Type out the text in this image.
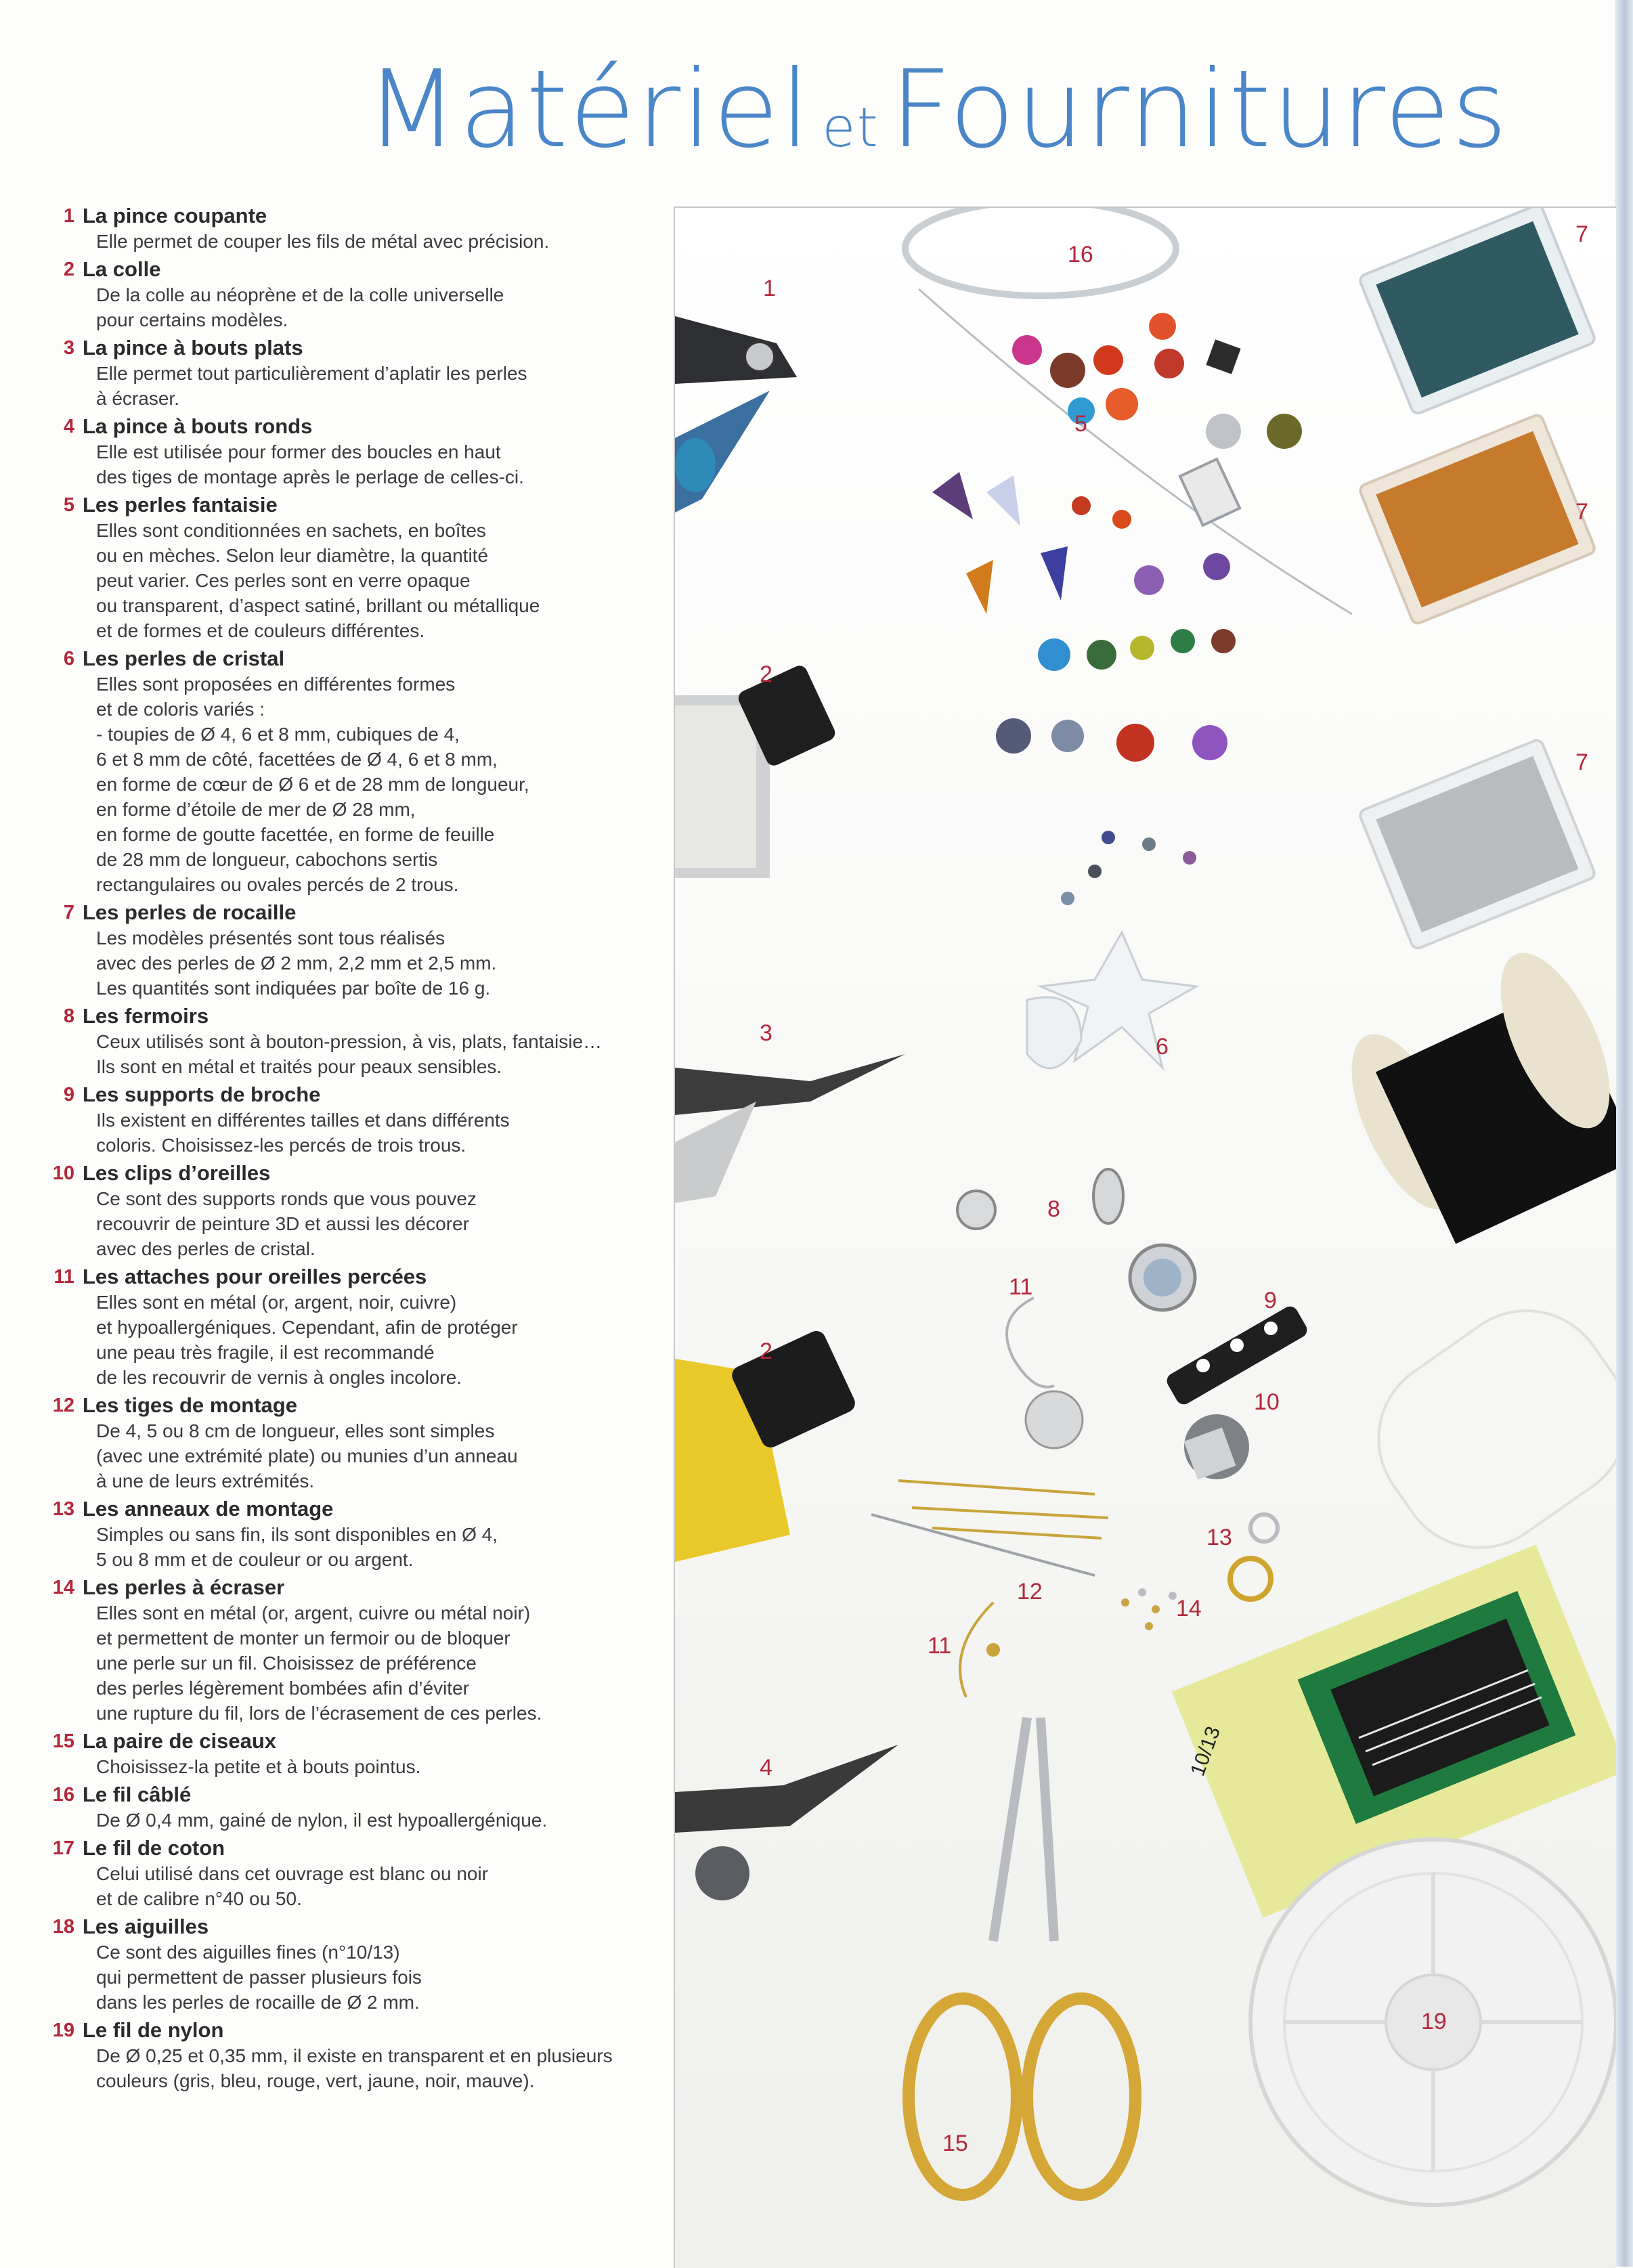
Matériel et Fournitures
1 La pince coupante
Elle permet de couper les fils de métal avec précision.
2 La colle
De la colle au néoprène et de la colle universelle
pour certains modèles.
3 La pince à bouts plats
Elle permet tout particulièrement d’aplatir les perles
à écraser.
4 La pince à bouts ronds
Elle est utilisée pour former des boucles en haut
des tiges de montage après le perlage de celles-ci.
5 Les perles fantaisie
Elles sont conditionnées en sachets, en boîtes
ou en mèches. Selon leur diamètre, la quantité
peut varier. Ces perles sont en verre opaque
ou transparent, d’aspect satiné, brillant ou métallique
et de formes et de couleurs différentes.
6 Les perles de cristal
Elles sont proposées en différentes formes
et de coloris variés :
- toupies de Ø 4, 6 et 8 mm, cubiques de 4,
6 et 8 mm de côté, facettées de Ø 4, 6 et 8 mm,
en forme de cœur de Ø 6 et de 28 mm de longueur,
en forme d’étoile de mer de Ø 28 mm,
en forme de goutte facettée, en forme de feuille
de 28 mm de longueur, cabochons sertis
rectangulaires ou ovales percés de 2 trous.
7 Les perles de rocaille
Les modèles présentés sont tous réalisés
avec des perles de Ø 2 mm, 2,2 mm et 2,5 mm.
Les quantités sont indiquées par boîte de 16 g.
8 Les fermoirs
Ceux utilisés sont à bouton-pression, à vis, plats, fantaisie…
Ils sont en métal et traités pour peaux sensibles.
9 Les supports de broche
Ils existent en différentes tailles et dans différents
coloris. Choisissez-les percés de trois trous.
10 Les clips d’oreilles
Ce sont des supports ronds que vous pouvez
recouvrir de peinture 3D et aussi les décorer
avec des perles de cristal.
11 Les attaches pour oreilles percées
Elles sont en métal (or, argent, noir, cuivre)
et hypoallergéniques. Cependant, afin de protéger
une peau très fragile, il est recommandé
de les recouvrir de vernis à ongles incolore.
12 Les tiges de montage
De 4, 5 ou 8 cm de longueur, elles sont simples
(avec une extrémité plate) ou munies d’un anneau
à une de leurs extrémités.
13 Les anneaux de montage
Simples ou sans fin, ils sont disponibles en Ø 4,
5 ou 8 mm et de couleur or ou argent.
14 Les perles à écraser
Elles sont en métal (or, argent, cuivre ou métal noir)
et permettent de monter un fermoir ou de bloquer
une perle sur un fil. Choisissez de préférence
des perles légèrement bombées afin d’éviter
une rupture du fil, lors de l’écrasement de ces perles.
15 La paire de ciseaux
Choisissez-la petite et à bouts pointus.
16 Le fil câblé
De Ø 0,4 mm, gainé de nylon, il est hypoallergénique.
17 Le fil de coton
Celui utilisé dans cet ouvrage est blanc ou noir
et de calibre n°40 ou 50.
18 Les aiguilles
Ce sont des aiguilles fines (n°10/13)
qui permettent de passer plusieurs fois
dans les perles de rocaille de Ø 2 mm.
19 Le fil de nylon
De Ø 0,25 et 0,35 mm, il existe en transparent et en plusieurs
couleurs (gris, bleu, rouge, vert, jaune, noir, mauve).
10/13
1
2
2
3
4
5
6
7
7
7
8
9
10
11
11
12
13
14
15
16
19
